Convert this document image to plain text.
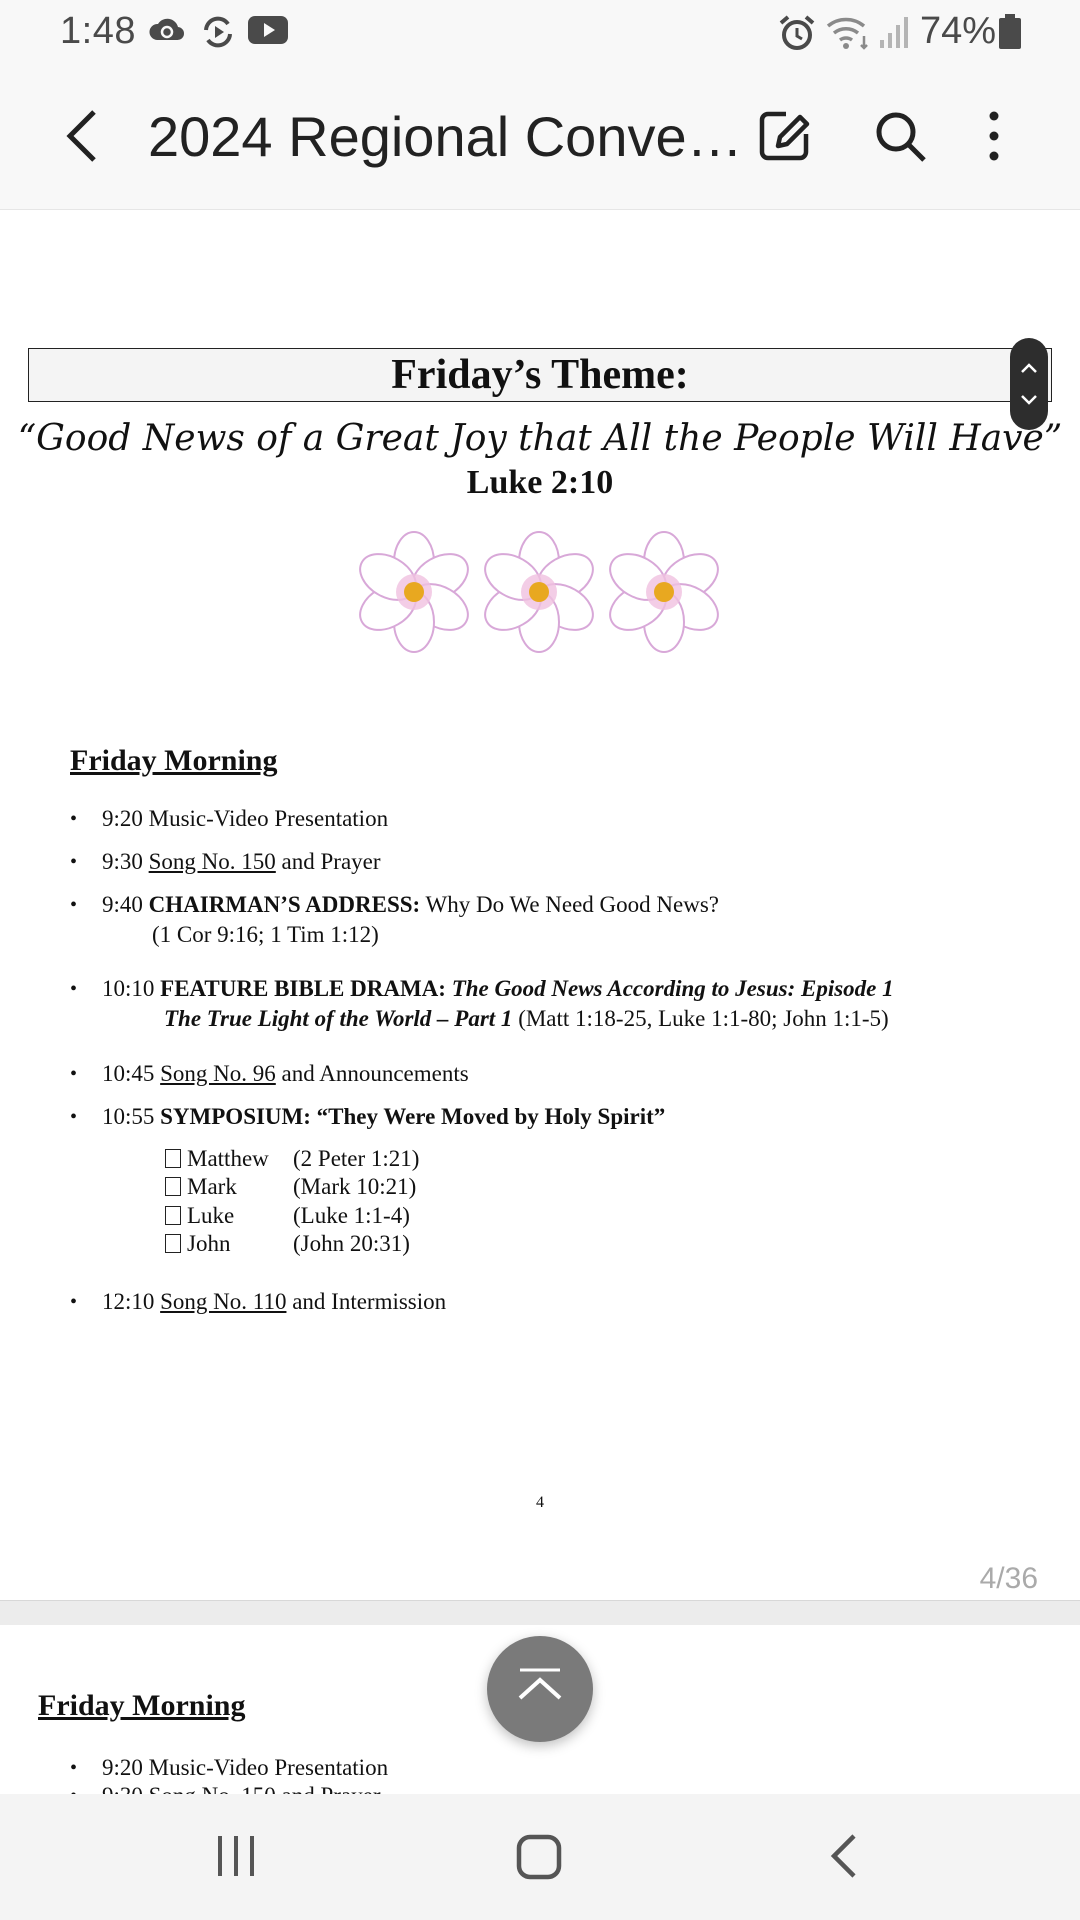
1:48	74%
2024 Regional Conve…
Friday’s Theme:
“Good News of a Great Joy that All the People Will Have”
Luke 2:10
Friday Morning
• 9:20 Music-Video Presentation
• 9:30 Song No. 150 and Prayer
• 9:40 CHAIRMAN’S ADDRESS: Why Do We Need Good News?
(1 Cor 9:16; 1 Tim 1:12)
• 10:10 FEATURE BIBLE DRAMA: The Good News According to Jesus: Episode 1
The True Light of the World – Part 1 (Matt 1:18-25, Luke 1:1-80; John 1:1-5)
• 10:45 Song No. 96 and Announcements
• 10:55 SYMPOSIUM: “They Were Moved by Holy Spirit”
Matthew (2 Peter 1:21)
Mark (Mark 10:21)
Luke	(Luke 1:1-4)
John	(John 20:31)
• 12:10 Song No. 110 and Intermission
4
4/36
Friday Morning
• 9:20 Music-Video Presentation
